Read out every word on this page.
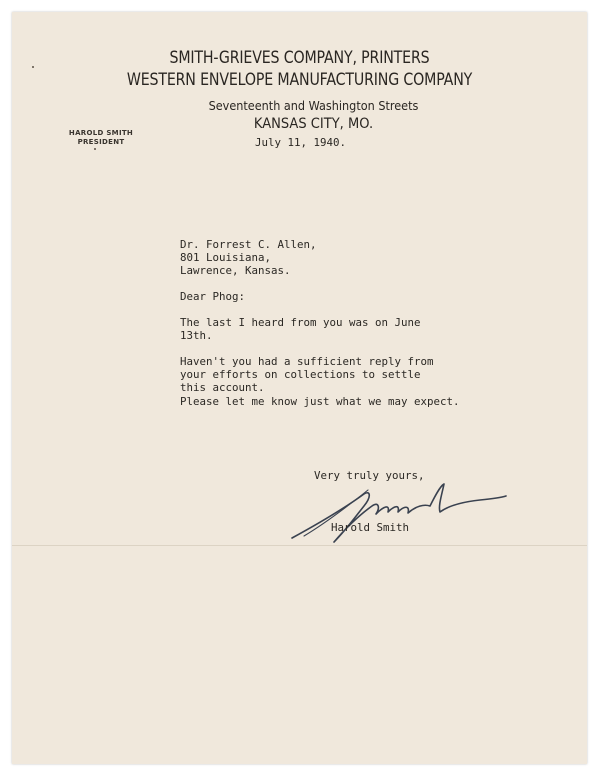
SMITH-GRIEVES COMPANY, PRINTERS
WESTERN ENVELOPE MANUFACTURING COMPANY
Seventeenth and Washington Streets
KANSAS CITY, MO.
HAROLD SMITH
PRESIDENT	July 11, 1940.
Dr. Forrest C. Allen,
801 Louisiana,
Lawrence, Kansas.
Dear Phog:
The last I heard from you was on June
13th.
Haven't you had a sufficient reply from
your efforts on collections to settle
this account.
Please let me know just what we may expect.
Very truly yours,
Harold Smith
